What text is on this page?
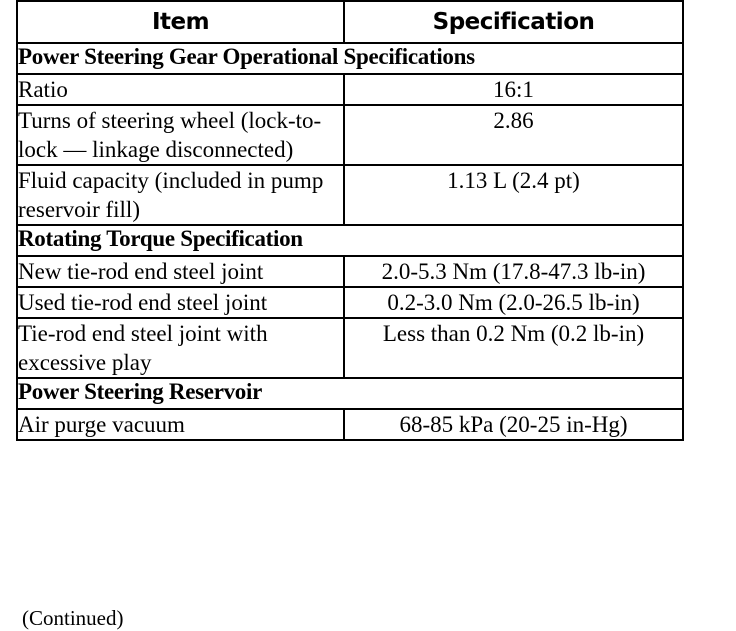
Item	Specification
Power Steering Gear Operational Specifications	
Ratio	16:1
Turns of steering wheel (lock-to-lock — linkage disconnected)	2.86
Fluid capacity (included in pump reservoir fill)	1.13 L (2.4 pt)
Rotating Torque Specification	
New tie-rod end steel joint	2.0-5.3 Nm (17.8-47.3 lb-in)
Used tie-rod end steel joint	0.2-3.0 Nm (2.0-26.5 lb-in)
Tie-rod end steel joint with excessive play	Less than 0.2 Nm (0.2 lb-in)
Power Steering Reservoir	
Air purge vacuum	68-85 kPa (20-25 in-Hg)
(Continued)
